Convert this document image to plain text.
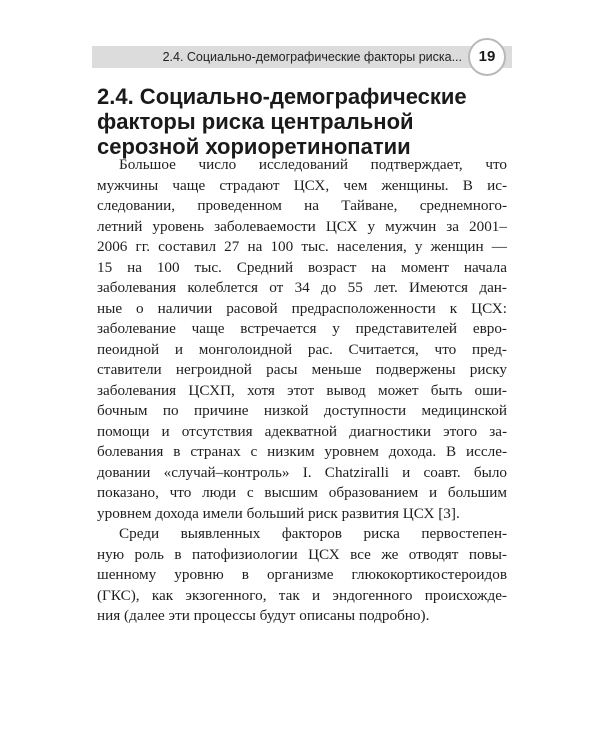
2.4. Социально-демографические факторы риска...	19
2.4. Социально-демографические
факторы риска центральной
серозной хориоретинопатии
Большое число исследований подтверждает, что
мужчины чаще страдают ЦСХ, чем женщины. В ис-
следовании, проведенном на Тайване, среднемного-
летний уровень заболеваемости ЦСХ у мужчин за 2001–
2006 гг. составил 27 на 100 тыс. населения, у женщин —
15 на 100 тыс. Средний возраст на момент начала
заболевания колеблется от 34 до 55 лет. Имеются дан-
ные о наличии расовой предрасположенности к ЦСХ:
заболевание чаще встречается у представителей евро-
пеоидной и монголоидной рас. Считается, что пред-
ставители негроидной расы меньше подвержены риску
заболевания ЦСХП, хотя этот вывод может быть оши-
бочным по причине низкой доступности медицинской
помощи и отсутствия адекватной диагностики этого за-
болевания в странах с низким уровнем дохода. В иссле-
довании «случай–контроль» I. Chatziralli и соавт. было
показано, что люди с высшим образованием и большим
уровнем дохода имели больший риск развития ЦСХ [3].
Среди выявленных факторов риска первостепен-
ную роль в патофизиологии ЦСХ все же отводят повы-
шенному уровню в организме глюкокортикостероидов
(ГКС), как экзогенного, так и эндогенного происхожде-
ния (далее эти процессы будут описаны подробно).
